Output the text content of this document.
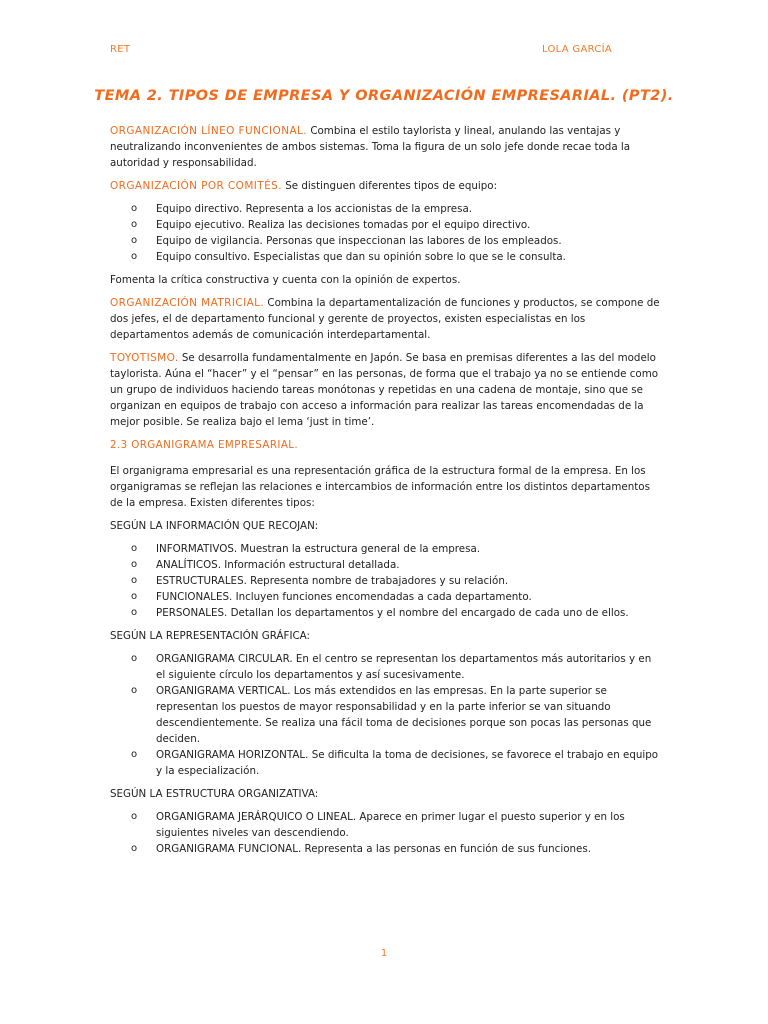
RET	LOLA GARCÍA
TEMA 2. TIPOS DE EMPRESA Y ORGANIZACIÓN EMPRESARIAL. (PT2).

ORGANIZACIÓN LÍNEO FUNCIONAL. Combina el estilo taylorista y lineal, anulando las ventajas y neutralizando inconvenientes de ambos sistemas. Toma la figura de un solo jefe donde recae toda la autoridad y responsabilidad.

ORGANIZACIÓN POR COMITÉS. Se distinguen diferentes tipos de equipo:

o Equipo directivo. Representa a los accionistas de la empresa.
o Equipo ejecutivo. Realiza las decisiones tomadas por el equipo directivo.
o Equipo de vigilancia. Personas que inspeccionan las labores de los empleados.
o Equipo consultivo. Especialistas que dan su opinión sobre lo que se le consulta.

Fomenta la crítica constructiva y cuenta con la opinión de expertos.

ORGANIZACIÓN MATRICIAL. Combina la departamentalización de funciones y productos, se compone de dos jefes, el de departamento funcional y gerente de proyectos, existen especialistas en los departamentos además de comunicación interdepartamental.

TOYOTISMO. Se desarrolla fundamentalmente en Japón. Se basa en premisas diferentes a las del modelo taylorista. Aúna el “hacer” y el “pensar” en las personas, de forma que el trabajo ya no se entiende como un grupo de individuos haciendo tareas monótonas y repetidas en una cadena de montaje, sino que se organizan en equipos de trabajo con acceso a información para realizar las tareas encomendadas de la mejor posible. Se realiza bajo el lema ‘just in time’.

2.3 ORGANIGRAMA EMPRESARIAL.

El organigrama empresarial es una representación gráfica de la estructura formal de la empresa. En los organigramas se reflejan las relaciones e intercambios de información entre los distintos departamentos de la empresa. Existen diferentes tipos:

SEGÚN LA INFORMACIÓN QUE RECOJAN:

o INFORMATIVOS. Muestran la estructura general de la empresa.
o ANALÍTICOS. Información estructural detallada.
o ESTRUCTURALES. Representa nombre de trabajadores y su relación.
o FUNCIONALES. Incluyen funciones encomendadas a cada departamento.
o PERSONALES. Detallan los departamentos y el nombre del encargado de cada uno de ellos.

SEGÚN LA REPRESENTACIÓN GRÁFICA:

o ORGANIGRAMA CIRCULAR. En el centro se representan los departamentos más autoritarios y en el siguiente círculo los departamentos y así sucesivamente.
o ORGANIGRAMA VERTICAL. Los más extendidos en las empresas. En la parte superior se representan los puestos de mayor responsabilidad y en la parte inferior se van situando descendientemente. Se realiza una fácil toma de decisiones porque son pocas las personas que deciden.
o ORGANIGRAMA HORIZONTAL. Se dificulta la toma de decisiones, se favorece el trabajo en equipo y la especialización.

SEGÚN LA ESTRUCTURA ORGANIZATIVA:

o ORGANIGRAMA JERÁRQUICO O LINEAL. Aparece en primer lugar el puesto superior y en los siguientes niveles van descendiendo.
o ORGANIGRAMA FUNCIONAL. Representa a las personas en función de sus funciones.
1
